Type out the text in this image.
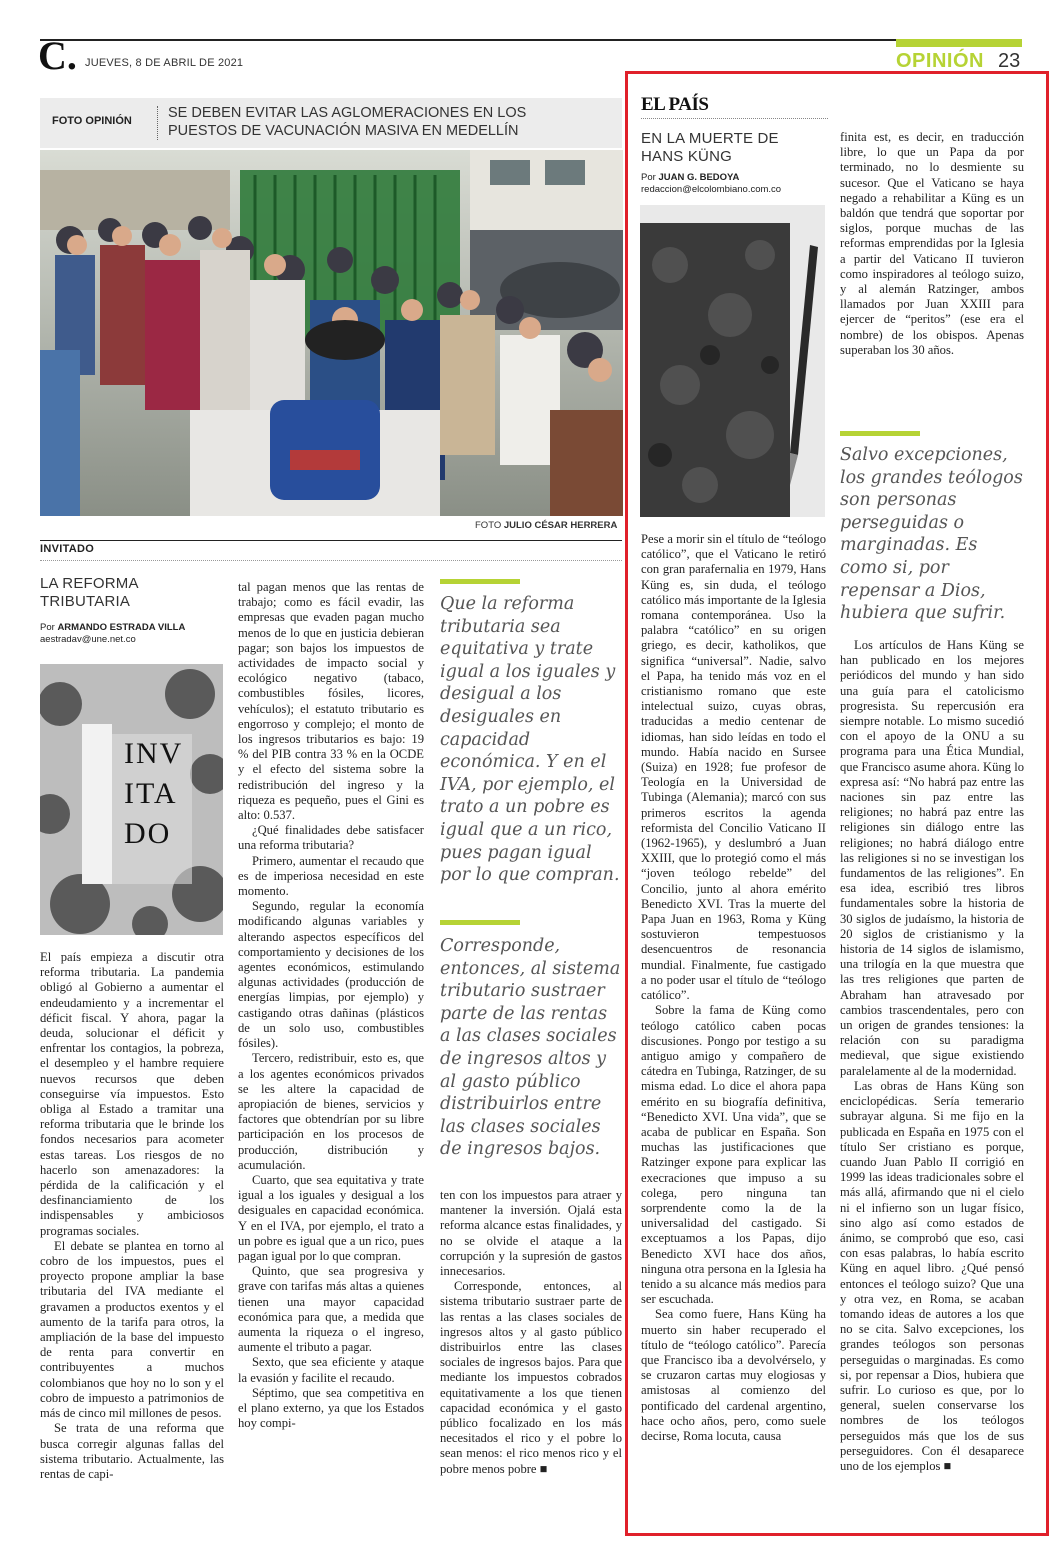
C. JUEVES, 8 DE ABRIL DE 2021	OPINIÓN 23
FOTO OPINIÓN SE DEBEN EVITAR LAS AGLOMERACIONES EN LOS PUESTOS DE VACUNACIÓN MASIVA EN MEDELLÍN
FOTO JULIO CÉSAR HERRERA
INVITADO
LA REFORMA TRIBUTARIA
Por ARMANDO ESTRADA VILLA
aestradav@une.net.co
INVITADO

El país empieza a discutir otra reforma tributaria. La pandemia obligó al Gobierno a aumentar el endeudamiento y a incrementar el déficit fiscal. Y ahora, pagar la deuda, solucionar el déficit y enfrentar los contagios, la pobreza, el desempleo y el hambre requiere nuevos recursos que deben conseguirse vía impuestos. Esto obliga al Estado a tramitar una reforma tributaria que le brinde los fondos necesarios para acometer estas tareas. Los riesgos de no hacerlo son amenazadores: la pérdida de la calificación y el desfinanciamiento de los indispensables y ambiciosos programas sociales.

El debate se plantea en torno al cobro de los impuestos, pues el proyecto propone ampliar la base tributaria del IVA mediante el gravamen a productos exentos y el aumento de la tarifa para otros, la ampliación de la base del impuesto de renta para convertir en contribuyentes a muchos colombianos que hoy no lo son y el cobro de impuesto a patrimonios de más de cinco mil millones de pesos.

Se trata de una reforma que busca corregir algunas fallas del sistema tributario. Actualmente, las rentas de capi-

tal pagan menos que las rentas de trabajo; como es fácil evadir, las empresas que evaden pagan mucho menos de lo que en justicia debieran pagar; son bajos los impuestos de actividades de impacto social y ecológico negativo (tabaco, combustibles fósiles, licores, vehículos); el estatuto tributario es engorroso y complejo; el monto de los ingresos tributarios es bajo: 19 % del PIB contra 33 % en la OCDE y el efecto del sistema sobre la redistribución del ingreso y la riqueza es pequeño, pues el Gini es alto: 0.537.

¿Qué finalidades debe satisfacer una reforma tributaria?

Primero, aumentar el recaudo que es de imperiosa necesidad en este momento.

Segundo, regular la economía modificando algunas variables y alterando aspectos específicos del comportamiento y decisiones de los agentes económicos, estimulando algunas actividades (producción de energías limpias, por ejemplo) y castigando otras dañinas (plásticos de un solo uso, combustibles fósiles).

Tercero, redistribuir, esto es, que a los agentes económicos privados se les altere la capacidad de apropiación de bienes, servicios y factores que obtendrían por su libre participación en los procesos de producción, distribución y acumulación.

Cuarto, que sea equitativa y trate igual a los iguales y desigual a los desiguales en capacidad económica. Y en el IVA, por ejemplo, el trato a un pobre es igual que a un rico, pues pagan igual por lo que compran.

Quinto, que sea progresiva y grave con tarifas más altas a quienes tienen una mayor capacidad económica para que, a medida que aumenta la riqueza o el ingreso, aumente el tributo a pagar.

Sexto, que sea eficiente y ataque la evasión y facilite el recaudo.

Séptimo, que sea competitiva en el plano externo, ya que los Estados hoy compi-

Que la reforma tributaria sea equitativa y trate igual a los iguales y desigual a los desiguales en capacidad económica. Y en el IVA, por ejemplo, el trato a un pobre es igual que a un rico, pues pagan igual por lo que compran.
Corresponde, entonces, al sistema tributario sustraer parte de las rentas a las clases sociales de ingresos altos y al gasto público distribuirlos entre las clases sociales de ingresos bajos.

ten con los impuestos para atraer y mantener la inversión. Ojalá esta reforma alcance estas finalidades, y no se olvide el ataque a la corrupción y la supresión de gastos innecesarios.

Corresponde, entonces, al sistema tributario sustraer parte de las rentas a las clases sociales de ingresos altos y al gasto público distribuirlos entre las clases sociales de ingresos bajos. Para que mediante los impuestos cobrados equitativamente a los que tienen capacidad económica y el gasto público focalizado en los más necesitados el rico y el pobre lo sean menos: el rico menos rico y el pobre menos pobre ■

EL PAÍS
EN LA MUERTE DE HANS KÜNG
Por JUAN G. BEDOYA
redaccion@elcolombiano.com.co

Pese a morir sin el título de “teólogo católico”, que el Vaticano le retiró con gran parafernalia en 1979, Hans Küng es, sin duda, el teólogo católico más importante de la Iglesia romana contemporánea. Uso la palabra “católico” en su origen griego, es decir, katholikos, que significa “universal”. Nadie, salvo el Papa, ha tenido más voz en el cristianismo romano que este intelectual suizo, cuyas obras, traducidas a medio centenar de idiomas, han sido leídas en todo el mundo. Había nacido en Sursee (Suiza) en 1928; fue profesor de Teología en la Universidad de Tubinga (Alemania); marcó con sus primeros escritos la agenda reformista del Concilio Vaticano II (1962-1965), y deslumbró a Juan XXIII, que lo protegió como el más “joven teólogo rebelde” del Concilio, junto al ahora emérito Benedicto XVI. Tras la muerte del Papa Juan en 1963, Roma y Küng sostuvieron tempestuosos desencuentros de resonancia mundial. Finalmente, fue castigado a no poder usar el título de “teólogo católico”.

Sobre la fama de Küng como teólogo católico caben pocas discusiones. Pongo por testigo a su antiguo amigo y compañero de cátedra en Tubinga, Ratzinger, de su misma edad. Lo dice el ahora papa emérito en su biografía definitiva, “Benedicto XVI. Una vida”, que se acaba de publicar en España. Son muchas las justificaciones que Ratzinger expone para explicar las execraciones que impuso a su colega, pero ninguna tan sorprendente como la de la universalidad del castigado. Si exceptuamos a los Papas, dijo Benedicto XVI hace dos años, ninguna otra persona en la Iglesia ha tenido a su alcance más medios para ser escuchada.

Sea como fuere, Hans Küng ha muerto sin haber recuperado el título de “teólogo católico”. Parecía que Francisco iba a devolvérselo, y se cruzaron cartas muy elogiosas y amistosas al comienzo del pontificado del cardenal argentino, hace ocho años, pero, como suele decirse, Roma locuta, causa

finita est, es decir, en traducción libre, lo que un Papa da por terminado, no lo desmiente su sucesor. Que el Vaticano se haya negado a rehabilitar a Küng es un baldón que tendrá que soportar por siglos, porque muchas de las reformas emprendidas por la Iglesia a partir del Vaticano II tuvieron como inspiradores al teólogo suizo, y al alemán Ratzinger, ambos llamados por Juan XXIII para ejercer de “peritos” (ese era el nombre) de los obispos. Apenas superaban los 30 años.

Salvo excepciones, los grandes teólogos son personas perseguidas o marginadas. Es como si, por repensar a Dios, hubiera que sufrir.

Los artículos de Hans Küng se han publicado en los mejores periódicos del mundo y han sido una guía para el catolicismo progresista. Su repercusión era siempre notable. Lo mismo sucedió con el apoyo de la ONU a su programa para una Ética Mundial, que Francisco asume ahora. Küng lo expresa así: “No habrá paz entre las naciones sin paz entre las religiones; no habrá paz entre las religiones sin diálogo entre las religiones; no habrá diálogo entre las religiones si no se investigan los fundamentos de las religiones”. En esa idea, escribió tres libros fundamentales sobre la historia de 30 siglos de judaísmo, la historia de 20 siglos de cristianismo y la historia de 14 siglos de islamismo, una trilogía en la que muestra que las tres religiones que parten de Abraham han atravesado por cambios trascendentales, pero con un origen de grandes tensiones: la relación con su paradigma medieval, que sigue existiendo paralelamente al de la modernidad.

Las obras de Hans Küng son enciclopédicas. Sería temerario subrayar alguna. Si me fijo en la publicada en España en 1975 con el título Ser cristiano es porque, cuando Juan Pablo II corrigió en 1999 las ideas tradicionales sobre el más allá, afirmando que ni el cielo ni el infierno son un lugar físico, sino algo así como estados de ánimo, se comprobó que eso, casi con esas palabras, lo había escrito Küng en aquel libro. ¿Qué pensó entonces el teólogo suizo? Que una y otra vez, en Roma, se acaban tomando ideas de autores a los que no se cita. Salvo excepciones, los grandes teólogos son personas perseguidas o marginadas. Es como si, por repensar a Dios, hubiera que sufrir. Lo curioso es que, por lo general, suelen conservarse los nombres de los teólogos perseguidos más que los de sus perseguidores. Con él desaparece uno de los ejemplos ■
